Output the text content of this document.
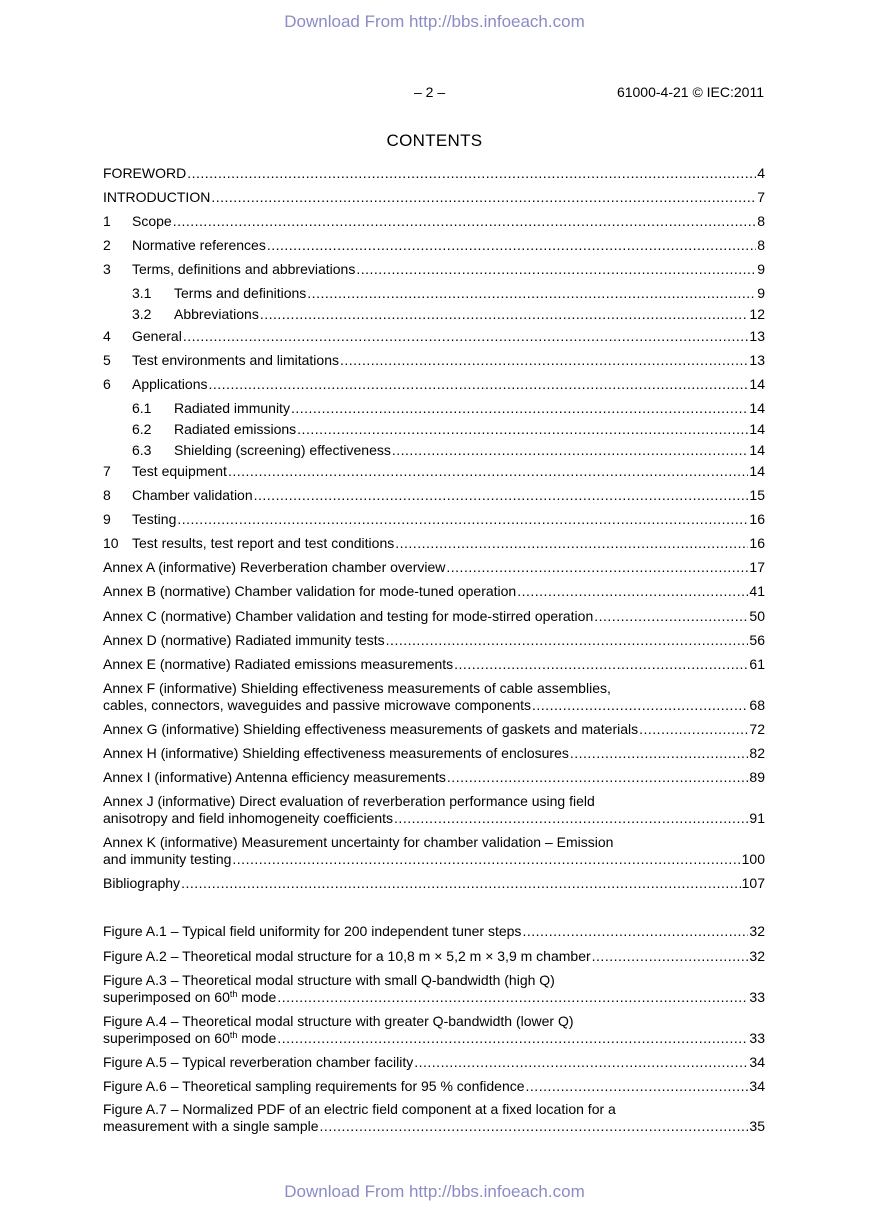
Download From http://bbs.infoeach.com
– 2 –	61000-4-21 © IEC:2011
CONTENTS
FOREWORD .....	4
INTRODUCTION .....	7
1 Scope .....	8
2 Normative references .....	8
3 Terms, definitions and abbreviations .....	9
3.1 Terms and definitions .....	9
3.2 Abbreviations .....	12
4 General .....	13
5 Test environments and limitations .....	13
6 Applications .....	14
6.1 Radiated immunity .....	14
6.2 Radiated emissions .....	14
6.3 Shielding (screening) effectiveness .....	14
7 Test equipment .....	14
8 Chamber validation .....	15
9 Testing .....	16
10 Test results, test report and test conditions .....	16
Annex A (informative) Reverberation chamber overview .....	17
Annex B (normative) Chamber validation for mode-tuned operation .....	41
Annex C (normative) Chamber validation and testing for mode-stirred operation .....	50
Annex D (normative) Radiated immunity tests .....	56
Annex E (normative) Radiated emissions measurements .....	61
Annex F (informative) Shielding effectiveness measurements of cable assemblies,
cables, connectors, waveguides and passive microwave components .....	68
Annex G (informative) Shielding effectiveness measurements of gaskets and materials .....	72
Annex H (informative) Shielding effectiveness measurements of enclosures .....	82
Annex I (informative) Antenna efficiency measurements .....	89
Annex J (informative) Direct evaluation of reverberation performance using field
anisotropy and field inhomogeneity coefficients .....	91
Annex K (informative) Measurement uncertainty for chamber validation – Emission
and immunity testing .....	100
Bibliography .....	107
Figure A.1 – Typical field uniformity for 200 independent tuner steps .....	32
Figure A.2 – Theoretical modal structure for a 10,8 m × 5,2 m × 3,9 m chamber .....	32
Figure A.3 – Theoretical modal structure with small Q-bandwidth (high Q)
superimposed on 60th mode .....	33
Figure A.4 – Theoretical modal structure with greater Q-bandwidth (lower Q)
superimposed on 60th mode .....	33
Figure A.5 – Typical reverberation chamber facility .....	34
Figure A.6 – Theoretical sampling requirements for 95 % confidence .....	34
Figure A.7 – Normalized PDF of an electric field component at a fixed location for a
measurement with a single sample .....	35
Download From http://bbs.infoeach.com
